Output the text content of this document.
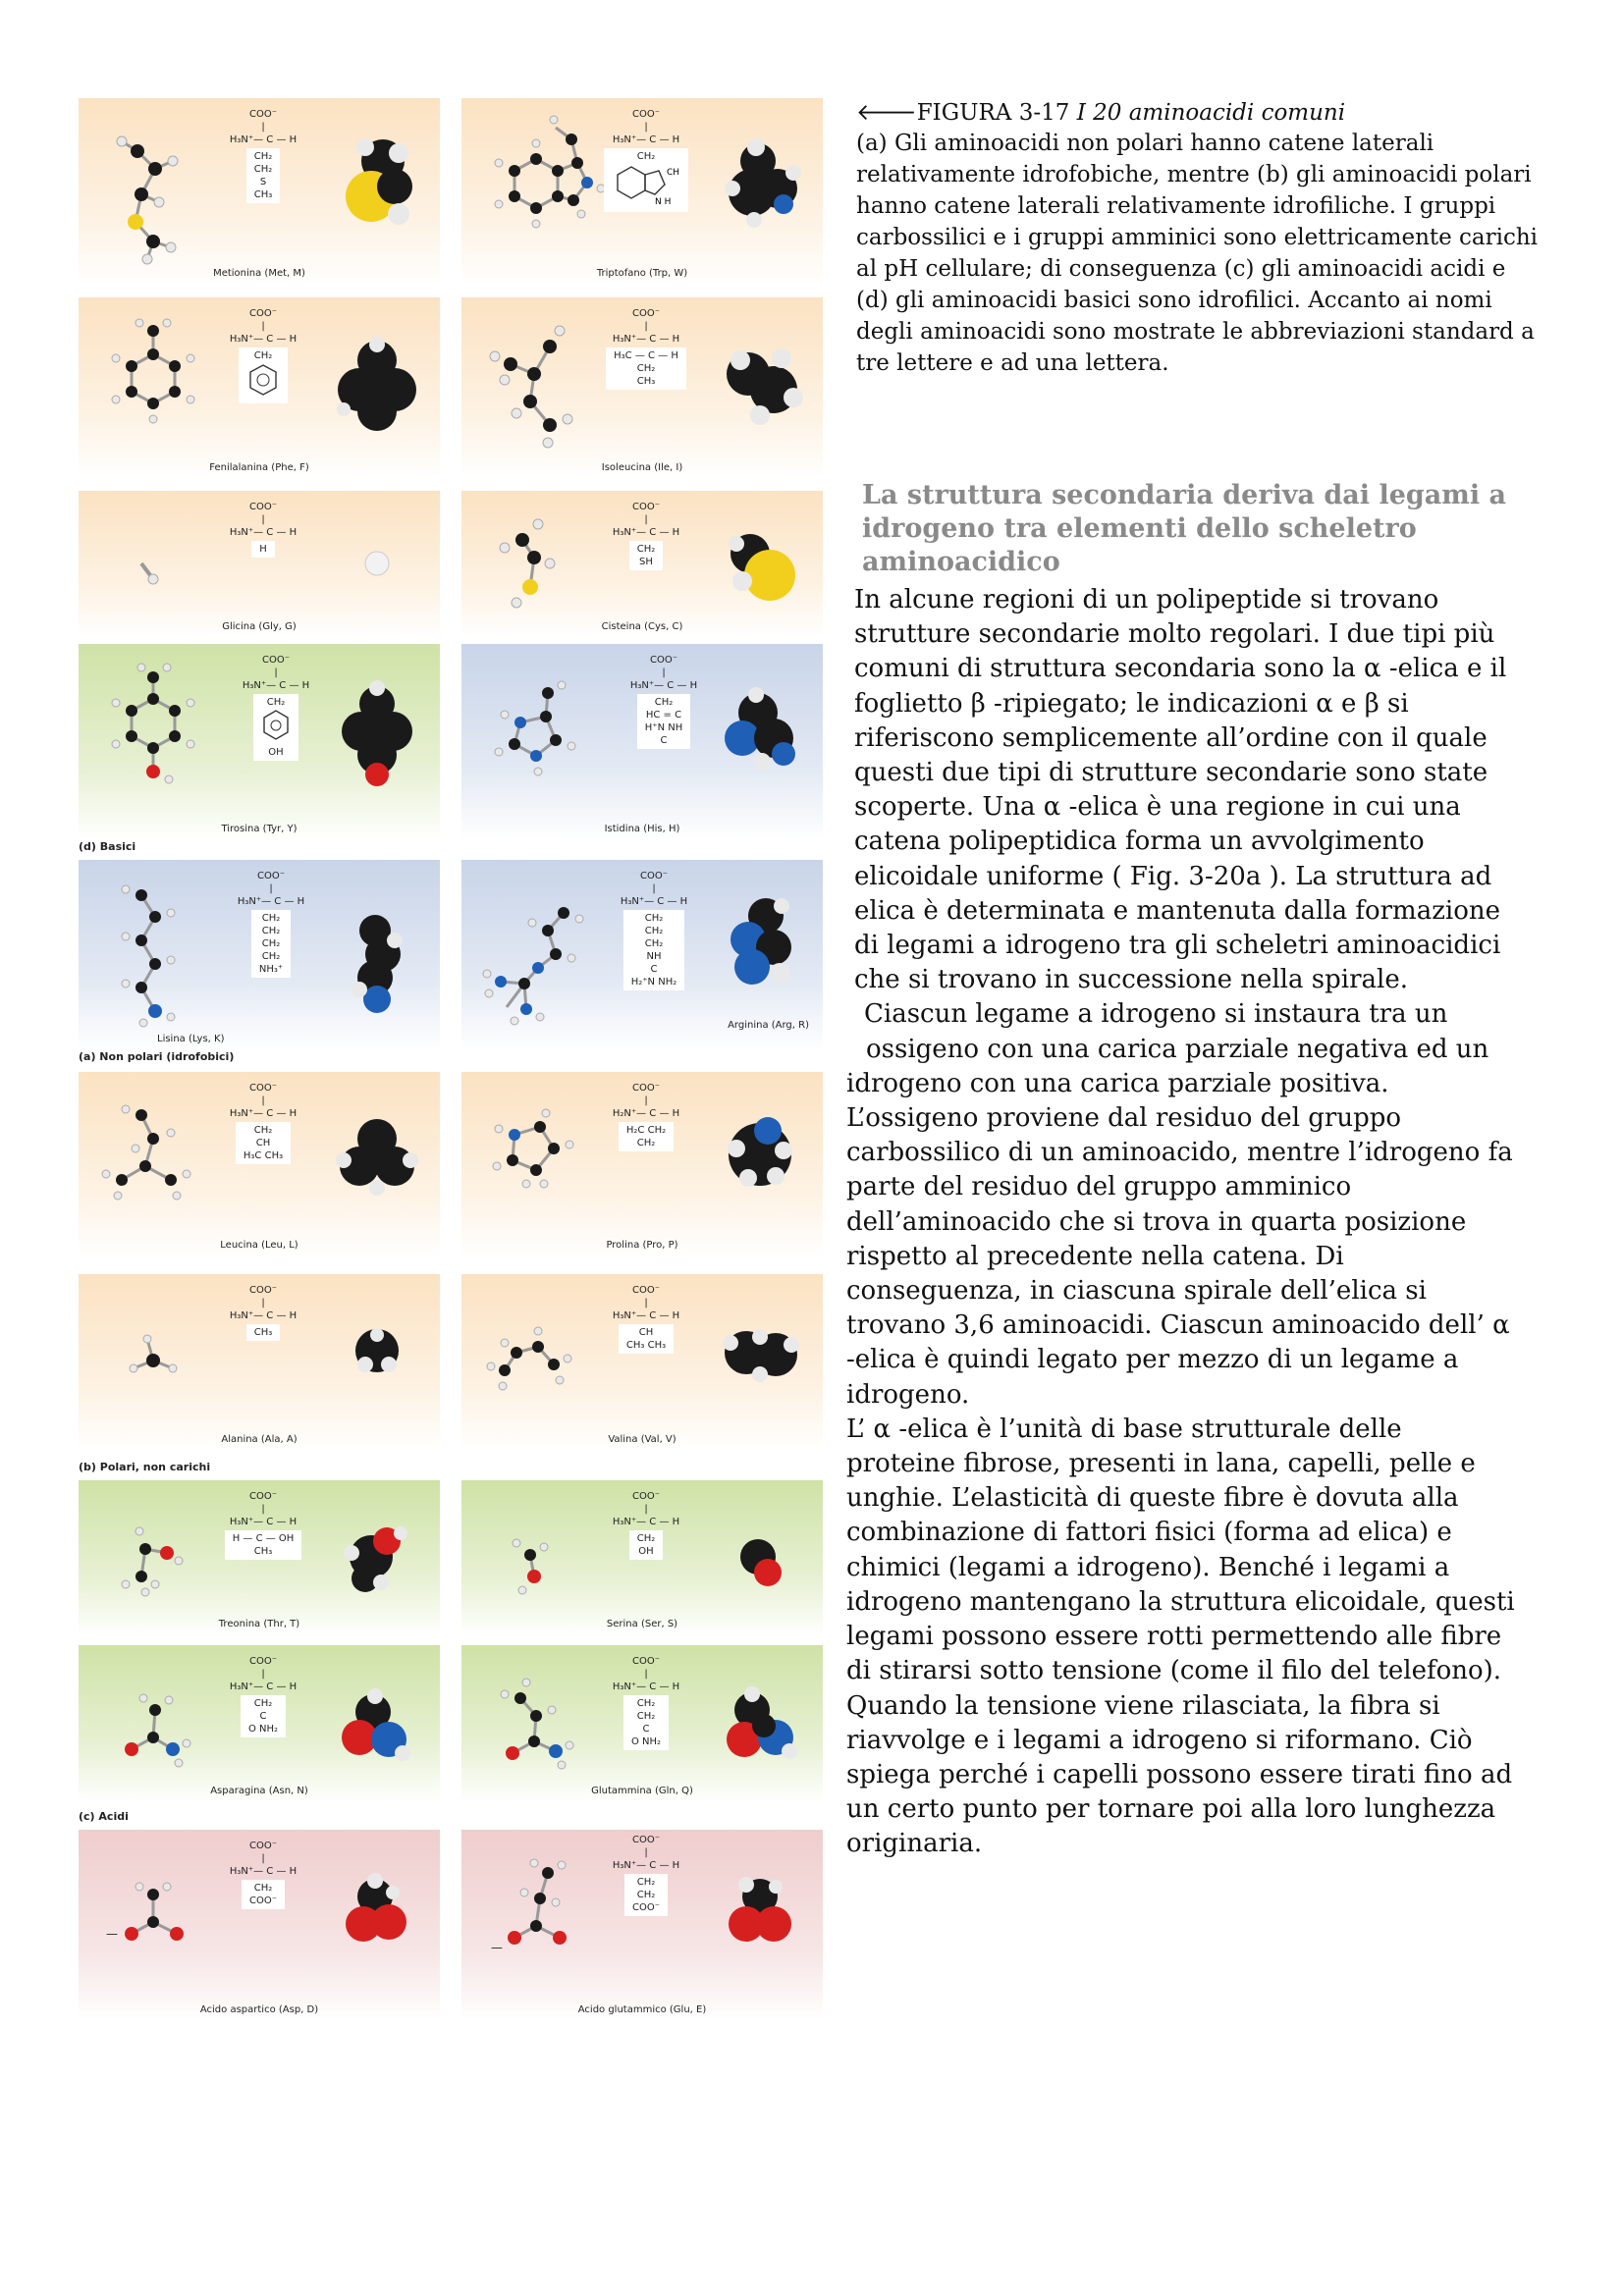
COO⁻
|
H₃N⁺— C — H
CH₂
CH₂
S
CH₃
Metionina (Met, M)
COO⁻
|
H₃N⁺— C — H
CH₂
CH
N H
Triptofano (Trp, W)
COO⁻
|
H₃N⁺— C — H
CH₂
Fenilalanina (Phe, F)
COO⁻
|
H₃N⁺— C — H
H₃C — C — H
CH₂
CH₃
Isoleucina (Ile, I)
COO⁻
|
H₃N⁺— C — H
H
Glicina (Gly, G)
COO⁻
|
H₃N⁺— C — H
CH₂
SH
Cisteina (Cys, C)
COO⁻
|
H₃N⁺— C — H
CH₂
OH
Tirosina (Tyr, Y)
COO⁻
|
H₃N⁺— C — H
CH₂
HC = C
H⁺N NH
C
Istidina (His, H)
(d) Basici
COO⁻
|
H₃N⁺— C — H
CH₂
CH₂
CH₂
CH₂
NH₃⁺
Lisina (Lys, K)
COO⁻
|
H₃N⁺— C — H
CH₂
CH₂
CH₂
NH
C
H₂⁺N NH₂
Arginina (Arg, R)
(a) Non polari (idrofobici)
COO⁻
|
H₃N⁺— C — H
CH₂
CH
H₃C CH₃
Leucina (Leu, L)
COO⁻
|
H₂N⁺— C — H
H₂C CH₂
CH₂
Prolina (Pro, P)
COO⁻
|
H₃N⁺— C — H
CH₃
Alanina (Ala, A)
COO⁻
|
H₃N⁺— C — H
CH
CH₃ CH₃
Valina (Val, V)
(b) Polari, non carichi
COO⁻
|
H₃N⁺— C — H
H — C — OH
CH₃
Treonina (Thr, T)
COO⁻
|
H₃N⁺— C — H
CH₂
OH
Serina (Ser, S)
COO⁻
|
H₃N⁺— C — H
CH₂
C
O NH₂
Asparagina (Asn, N)
COO⁻
|
H₃N⁺— C — H
CH₂
CH₂
C
O NH₂
Glutammina (Gln, Q)
(c) Acidi
—
COO⁻
|
H₃N⁺— C — H
CH₂
COO⁻
Acido aspartico (Asp, D)
—
COO⁻
|
H₃N⁺— C — H
CH₂
CH₂
COO⁻
Acido glutammico (Glu, E)

🡐FIGURA 3-17 I 20 aminoacidi comuni

(a) Gli aminoacidi non polari hanno catene laterali relativamente idrofobiche, mentre (b) gli aminoacidi polari hanno catene laterali relativamente idrofiliche. I gruppi carbossilici e i gruppi amminici sono elettricamente carichi al pH cellulare; di conseguenza (c) gli aminoacidi acidi e (d) gli aminoacidi basici sono idrofilici. Accanto ai nomi degli aminoacidi sono mostrate le abbreviazioni standard a tre lettere e ad una lettera.

La struttura secondaria deriva dai legami a idrogeno tra elementi dello scheletro aminoacidico
In alcune regioni di un polipeptide si trovano
strutture secondarie molto regolari. I due tipi più
comuni di struttura secondaria sono la α -elica e il
foglietto β -ripiegato; le indicazioni α e β si
riferiscono semplicemente all’ordine con il quale
questi due tipi di strutture secondarie sono state
scoperte. Una α -elica è una regione in cui una
catena polipeptidica forma un avvolgimento
elicoidale uniforme ( Fig. 3-20a ). La struttura ad
elica è determinata e mantenuta dalla formazione
di legami a idrogeno tra gli scheletri aminoacidici
che si trovano in successione nella spirale.
Ciascun legame a idrogeno si instaura tra un
ossigeno con una carica parziale negativa ed un
idrogeno con una carica parziale positiva.
L’ossigeno proviene dal residuo del gruppo
carbossilico di un aminoacido, mentre l’idrogeno fa
parte del residuo del gruppo amminico
dell’aminoacido che si trova in quarta posizione
rispetto al precedente nella catena. Di
conseguenza, in ciascuna spirale dell’elica si
trovano 3,6 aminoacidi. Ciascun aminoacido dell’ α
-elica è quindi legato per mezzo di un legame a
idrogeno.
L’ α -elica è l’unità di base strutturale delle
proteine fibrose, presenti in lana, capelli, pelle e
unghie. L’elasticità di queste fibre è dovuta alla
combinazione di fattori fisici (forma ad elica) e
chimici (legami a idrogeno). Benché i legami a
idrogeno mantengano la struttura elicoidale, questi
legami possono essere rotti permettendo alle fibre
di stirarsi sotto tensione (come il filo del telefono).
Quando la tensione viene rilasciata, la fibra si
riavvolge e i legami a idrogeno si riformano. Ciò
spiega perché i capelli possono essere tirati fino ad
un certo punto per tornare poi alla loro lunghezza
originaria.
